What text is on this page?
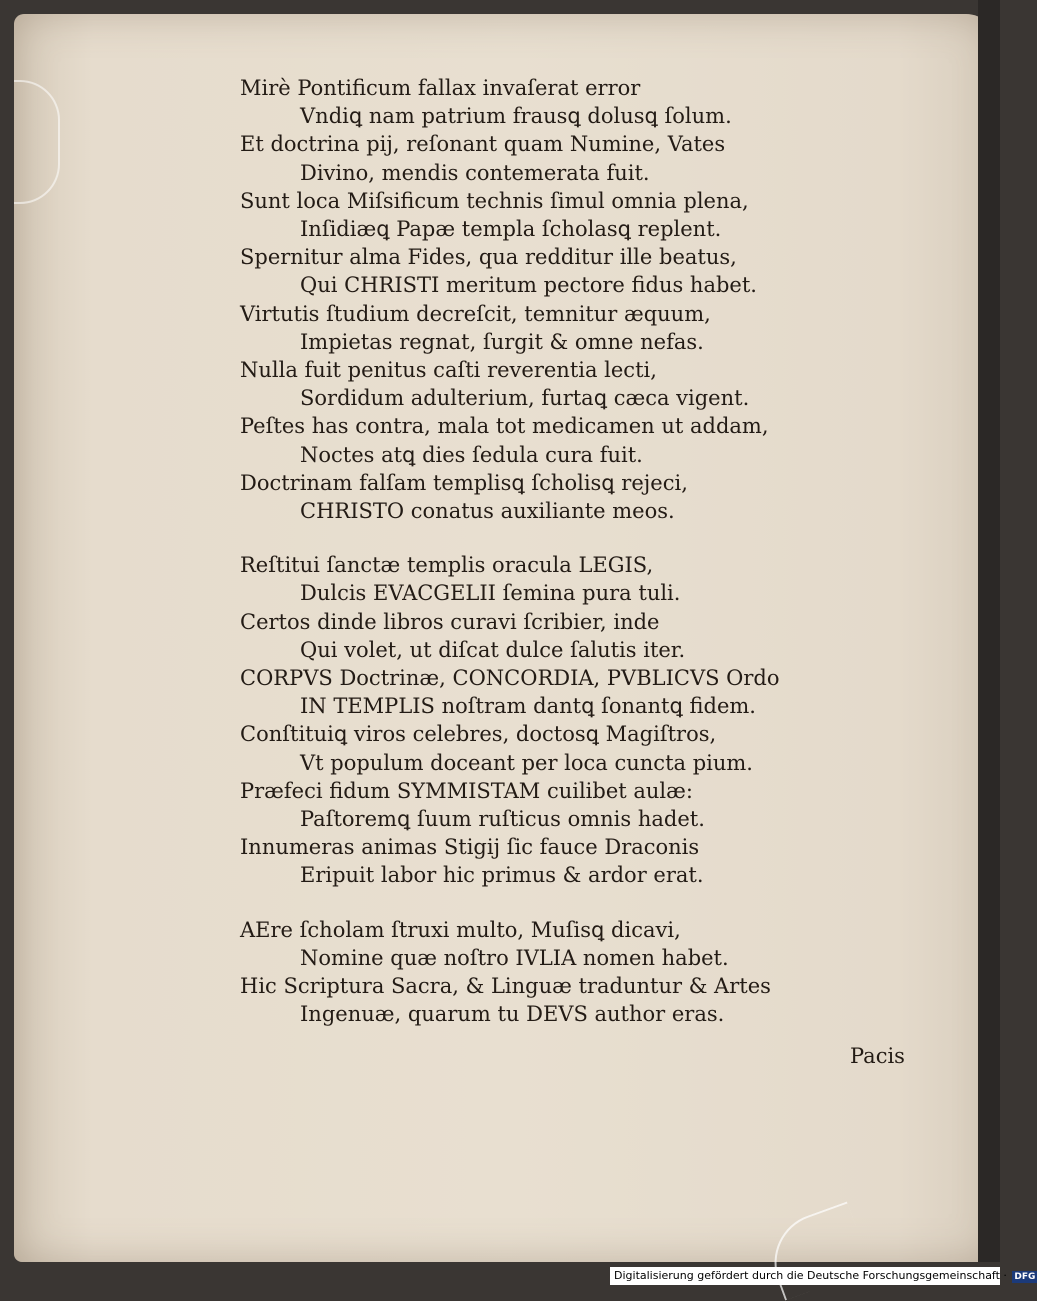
Mirè Pontificum fallax invaſerat error
Vndiꝗ nam patrium frausꝗ dolusꝗ ſolum.
Et doctrina pij, reſonant quam Numine, Vates
Divino, mendis contemerata fuit.
Sunt loca Miſsificum technis ſimul omnia plena,
Inſidiæꝗ Papæ templa ſcholasꝗ replent.
Spernitur alma Fides, qua redditur ille beatus,
Qui CHRISTI meritum pectore fidus habet.
Virtutis ſtudium decreſcit, temnitur æquum,
Impietas regnat, ſurgit & omne nefas.
Nulla fuit penitus caſti reverentia lecti,
Sordidum adulterium, furtaꝗ cæca vigent.
Peſtes has contra, mala tot medicamen ut addam,
Noctes atꝗ dies ſedula cura fuit.
Doctrinam falſam templisꝗ ſcholisꝗ rejeci,
CHRISTO conatus auxiliante meos.
Reſtitui ſanctæ templis oracula LEGIS,
Dulcis EVACGELII ſemina pura tuli.
Certos dinde libros curavi ſcribier, inde
Qui volet, ut diſcat dulce ſalutis iter.
CORPVS Doctrinæ, CONCORDIA, PVBLICVS Ordo
IN TEMPLIS noſtram dantꝗ ſonantꝗ fidem.
Conſtituiꝗ viros celebres, doctosꝗ Magiſtros,
Vt populum doceant per loca cuncta pium.
Præfeci fidum SYMMISTAM cuilibet aulæ:
Paſtoremꝗ ſuum ruſticus omnis hadet.
Innumeras animas Stigij ſic fauce Draconis
Eripuit labor hic primus & ardor erat.
AEre ſcholam ſtruxi multo, Muſisꝗ dicavi,
Nomine quæ noſtro IVLIA nomen habet.
Hic Scriptura Sacra, & Linguæ traduntur & Artes
Ingenuæ, quarum tu DEVS author eras.
Pacis
Digitalisierung gefördert durch die Deutsche Forschungsgemeinschaft · DFG
